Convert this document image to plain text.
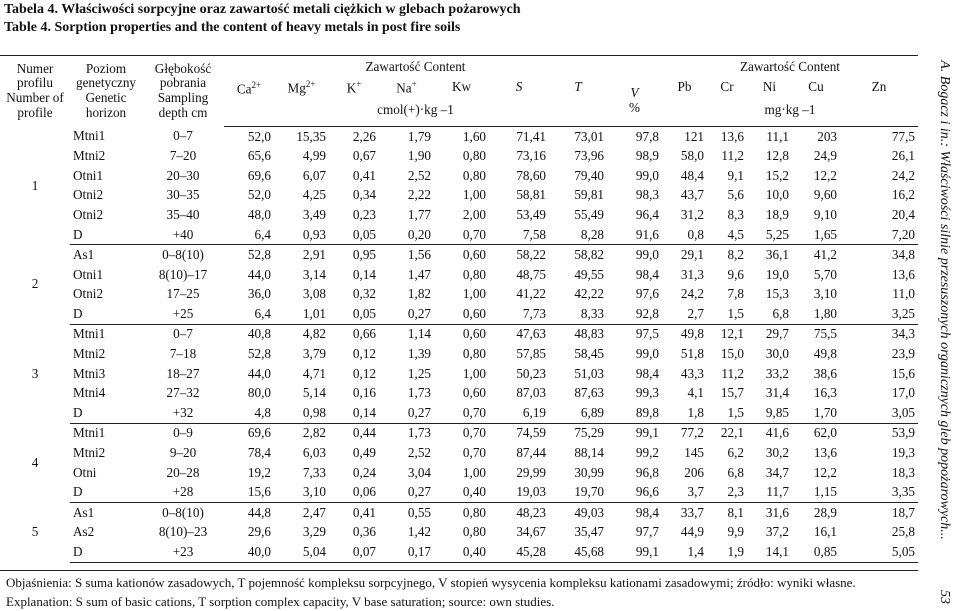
Tabela 4. Właściwości sorpcyjne oraz zawartość metali ciężkich w glebach pożarowych
Table 4. Sorption properties and the content of heavy metals in post fire soils
Numer profilu Number of profile	Poziom genetyczny Genetic horizon	Głębokość pobrania Sampling depth cm	Zawartość Content							V	Zawartość Content				
			$Ca^{2+}$	$Mg^{2+}$	K+	Na+	Kw	S	T		Pb	Cr	Ni	Cu	Zn
			cmol(+)·kg –1							%	mg·kg –1				
1	Mtni1	0–7	52,0	15,35	2,26	1,79	1,60	71,41	73,01	97,8	121	13,6	11,1	203	77,5
	Mtni2	7–20	65,6	4,99	0,67	1,90	0,80	73,16	73,96	98,9	58,0	11,2	12,8	24,9	26,1
	Otni1	20–30	69,6	6,07	0,41	2,52	0,80	78,60	79,40	99,0	48,4	9,1	15,2	12,2	24,2
	Otni2	30–35	52,0	4,25	0,34	2,22	1,00	58,81	59,81	98,3	43,7	5,6	10,0	9,60	16,2
	Otni2	35–40	48,0	3,49	0,23	1,77	2,00	53,49	55,49	96,4	31,2	8,3	18,9	9,10	20,4
	D	+40	6,4	0,93	0,05	0,20	0,70	7,58	8,28	91,6	0,8	4,5	5,25	1,65	7,20
2	As1	0–8(10)	52,8	2,91	0,95	1,56	0,60	58,22	58,82	99,0	29,1	8,2	36,1	41,2	34,8
	Otni1	8(10)–17	44,0	3,14	0,14	1,47	0,80	48,75	49,55	98,4	31,3	9,6	19,0	5,70	13,6
	Otni2	17–25	36,0	3,08	0,32	1,82	1,00	41,22	42,22	97,6	24,2	7,8	15,3	3,10	11,0
	D	+25	6,4	1,01	0,05	0,27	0,60	7,73	8,33	92,8	2,7	1,5	6,8	1,80	3,25
3	Mtni1	0–7	40,8	4,82	0,66	1,14	0,60	47,63	48,83	97,5	49,8	12,1	29,7	75,5	34,3
	Mtni2	7–18	52,8	3,79	0,12	1,39	0,80	57,85	58,45	99,0	51,8	15,0	30,0	49,8	23,9
	Mtni3	18–27	44,0	4,71	0,12	1,25	1,00	50,23	51,03	98,4	43,3	11,2	33,2	38,6	15,6
	Mtni4	27–32	80,0	5,14	0,16	1,73	0,60	87,03	87,63	99,3	4,1	15,7	31,4	16,3	17,0
	D	+32	4,8	0,98	0,14	0,27	0,70	6,19	6,89	89,8	1,8	1,5	9,85	1,70	3,05
4	Mtni1	0–9	69,6	2,82	0,44	1,73	0,70	74,59	75,29	99,1	77,2	22,1	41,6	62,0	53,9
	Mtni2	9–20	78,4	6,03	0,49	2,52	0,70	87,44	88,14	99,2	145	6,2	30,2	13,6	19,3
	Otni	20–28	19,2	7,33	0,24	3,04	1,00	29,99	30,99	96,8	206	6,8	34,7	12,2	18,3
	D	+28	15,6	3,10	0,06	0,27	0,40	19,03	19,70	96,6	3,7	2,3	11,7	1,15	3,35
5	As1	0–8(10)	44,8	2,47	0,41	0,55	0,80	48,23	49,03	98,4	33,7	8,1	31,6	28,9	18,7
	As2	8(10)–23	29,6	3,29	0,36	1,42	0,80	34,67	35,47	97,7	44,9	9,9	37,2	16,1	25,8
	D	+23	40,0	5,04	0,07	0,17	0,40	45,28	45,68	99,1	1,4	1,9	14,1	0,85	5,05
Objaśnienia: S suma kationów zasadowych, T pojemność kompleksu sorpcyjnego, V stopień wysycenia kompleksu kationami zasadowymi; źródło: wyniki własne.
Explanation: S sum of basic cations, T sorption complex capacity, V base saturation; source: own studies.
A. Bogacz i in.: Właściwości silnie przesuszonych organicznych gleb popożarowych...
53
